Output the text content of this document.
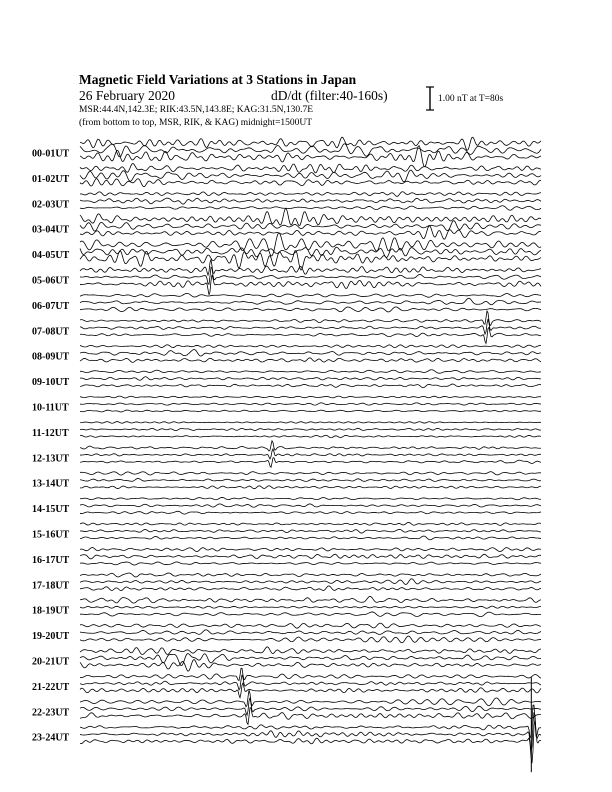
Magnetic Field Variations at 3 Stations in Japan
26 February 2020	dD/dt (filter:40-160s)
MSR:44.4N,142.3E; RIK:43.5N,143.8E; KAG:31.5N,130.7E
(from bottom to top, MSR, RIK, & KAG) midnight=1500UT
1.00 nT at T=80s
00-01UT
01-02UT
02-03UT
03-04UT
04-05UT
05-06UT
06-07UT
07-08UT
08-09UT
09-10UT
10-11UT
11-12UT
12-13UT
13-14UT
14-15UT
15-16UT
16-17UT
17-18UT
18-19UT
19-20UT
20-21UT
21-22UT
22-23UT
23-24UT
